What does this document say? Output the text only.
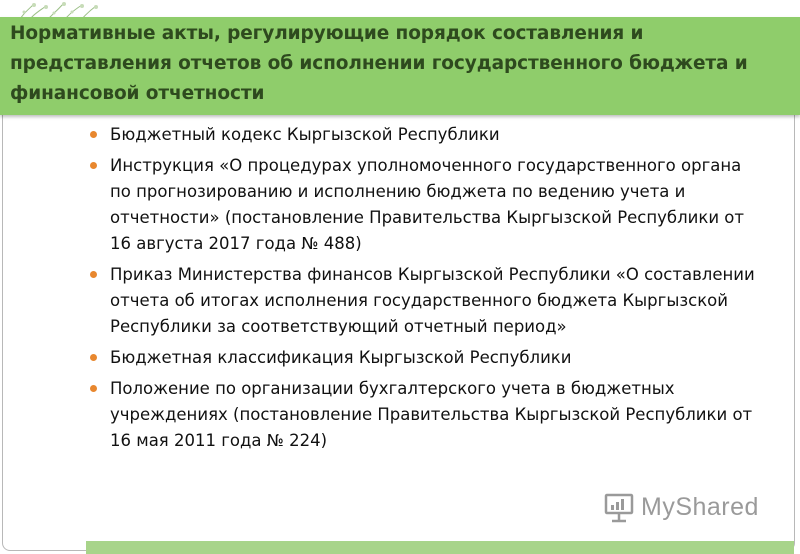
Нормативные акты, регулирующие порядок составления и представления отчетов об исполнении государственного бюджета и финансовой отчетности
Бюджетный кодекс Кыргызской Республики
Инструкция «О процедурах уполномоченного государственного органа по прогнозированию и исполнению бюджета по ведению учета и отчетности» (постановление Правительства Кыргызской Республики от 16 августа 2017 года № 488)
Приказ Министерства финансов Кыргызской Республики «О составлении отчета об итогах исполнения государственного бюджета Кыргызской Республики за соответствующий отчетный период»
Бюджетная классификация Кыргызской Республики
Положение по организации бухгалтерского учета в бюджетных учреждениях (постановление Правительства Кыргызской Республики от 16 мая 2011 года № 224)
MyShared
